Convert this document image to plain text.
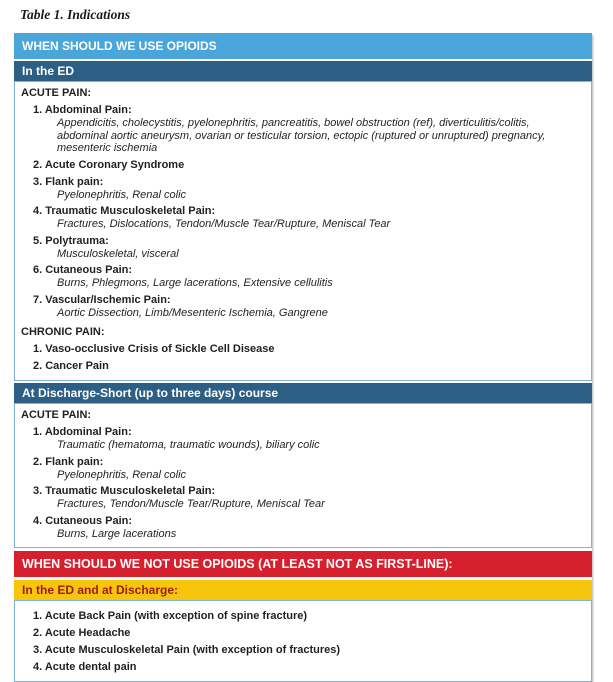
Table 1. Indications
WHEN SHOULD WE USE OPIOIDS
In the ED
ACUTE PAIN:
1. Abdominal Pain:
Appendicitis, cholecystitis, pyelonephritis, pancreatitis, bowel obstruction (ref), diverticulitis/colitis, abdominal aortic aneurysm, ovarian or testicular torsion, ectopic (ruptured or unruptured) pregnancy, mesenteric ischemia
2. Acute Coronary Syndrome
3. Flank pain:
Pyelonephritis, Renal colic
4. Traumatic Musculoskeletal Pain:
Fractures, Dislocations, Tendon/Muscle Tear/Rupture, Meniscal Tear
5. Polytrauma:
Musculoskeletal, visceral
6. Cutaneous Pain:
Burns, Phlegmons, Large lacerations, Extensive cellulitis
7. Vascular/Ischemic Pain:
Aortic Dissection, Limb/Mesenteric Ischemia, Gangrene
CHRONIC PAIN:
1. Vaso-occlusive Crisis of Sickle Cell Disease
2. Cancer Pain
At Discharge-Short (up to three days) course
ACUTE PAIN:
1. Abdominal Pain:
Traumatic (hematoma, traumatic wounds), biliary colic
2. Flank pain:
Pyelonephritis, Renal colic
3. Traumatic Musculoskeletal Pain:
Fractures, Tendon/Muscle Tear/Rupture, Meniscal Tear
4. Cutaneous Pain:
Burns, Large lacerations
WHEN SHOULD WE NOT USE OPIOIDS (AT LEAST NOT AS FIRST-LINE):
In the ED and at Discharge:
1. Acute Back Pain (with exception of spine fracture)
2. Acute Headache
3. Acute Musculoskeletal Pain (with exception of fractures)
4. Acute dental pain
